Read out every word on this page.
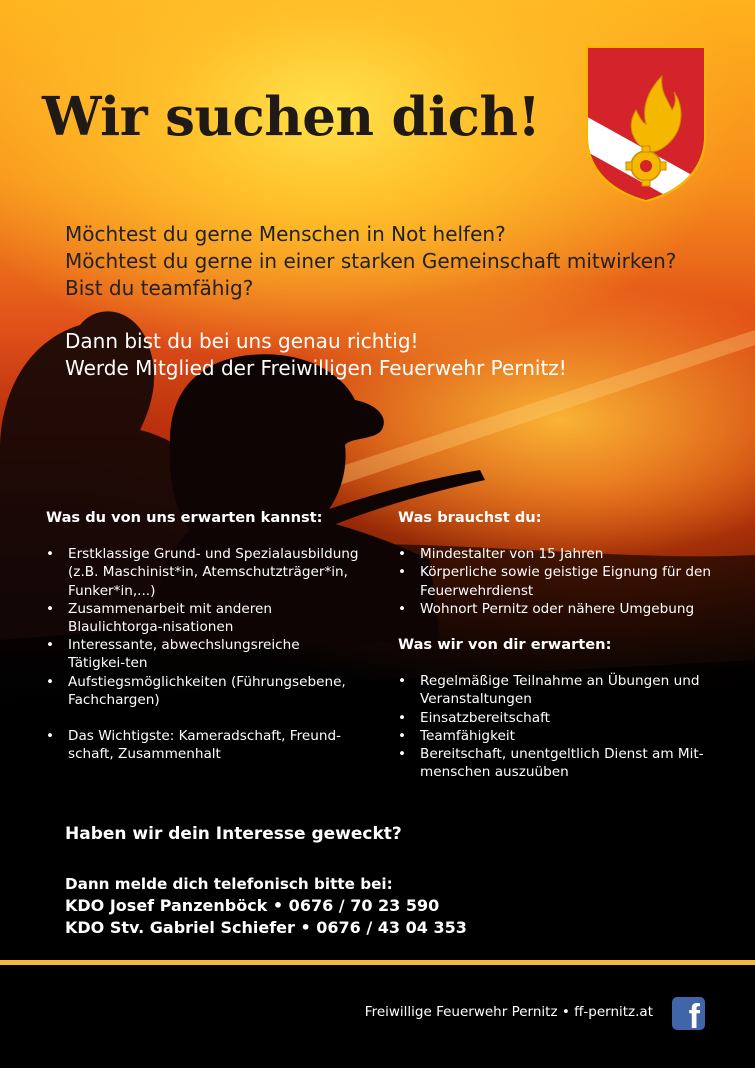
Wir suchen dich!
Möchtest du gerne Menschen in Not helfen?
Möchtest du gerne in einer starken Gemeinschaft mitwirken?
Bist du teamfähig?
Dann bist du bei uns genau richtig!
Werde Mitglied der Freiwilligen Feuerwehr Pernitz!
Was du von uns erwarten kannst:
• Erstklassige Grund- und Spezialausbildung (z.B. Maschinist*in, Atemschutzträger*in, Funker*in,...)
• Zusammenarbeit mit anderen Blaulichtorga-nisationen
• Interessante, abwechslungsreiche Tätigkei-ten
• Aufstiegsmöglichkeiten (Führungsebene, Fachchargen)
• Das Wichtigste: Kameradschaft, Freund-schaft, Zusammenhalt
Was brauchst du:
• Mindestalter von 15 Jahren
• Körperliche sowie geistige Eignung für den Feuerwehrdienst
• Wohnort Pernitz oder nähere Umgebung
Was wir von dir erwarten:
• Regelmäßige Teilnahme an Übungen und Veranstaltungen
• Einsatzbereitschaft
• Teamfähigkeit
• Bereitschaft, unentgeltlich Dienst am Mit-menschen auszuüben
Haben wir dein Interesse geweckt?
Dann melde dich telefonisch bitte bei:
KDO Josef Panzenböck • 0676 / 70 23 590
KDO Stv. Gabriel Schiefer • 0676 / 43 04 353
Freiwillige Feuerwehr Pernitz • ff-pernitz.at f
